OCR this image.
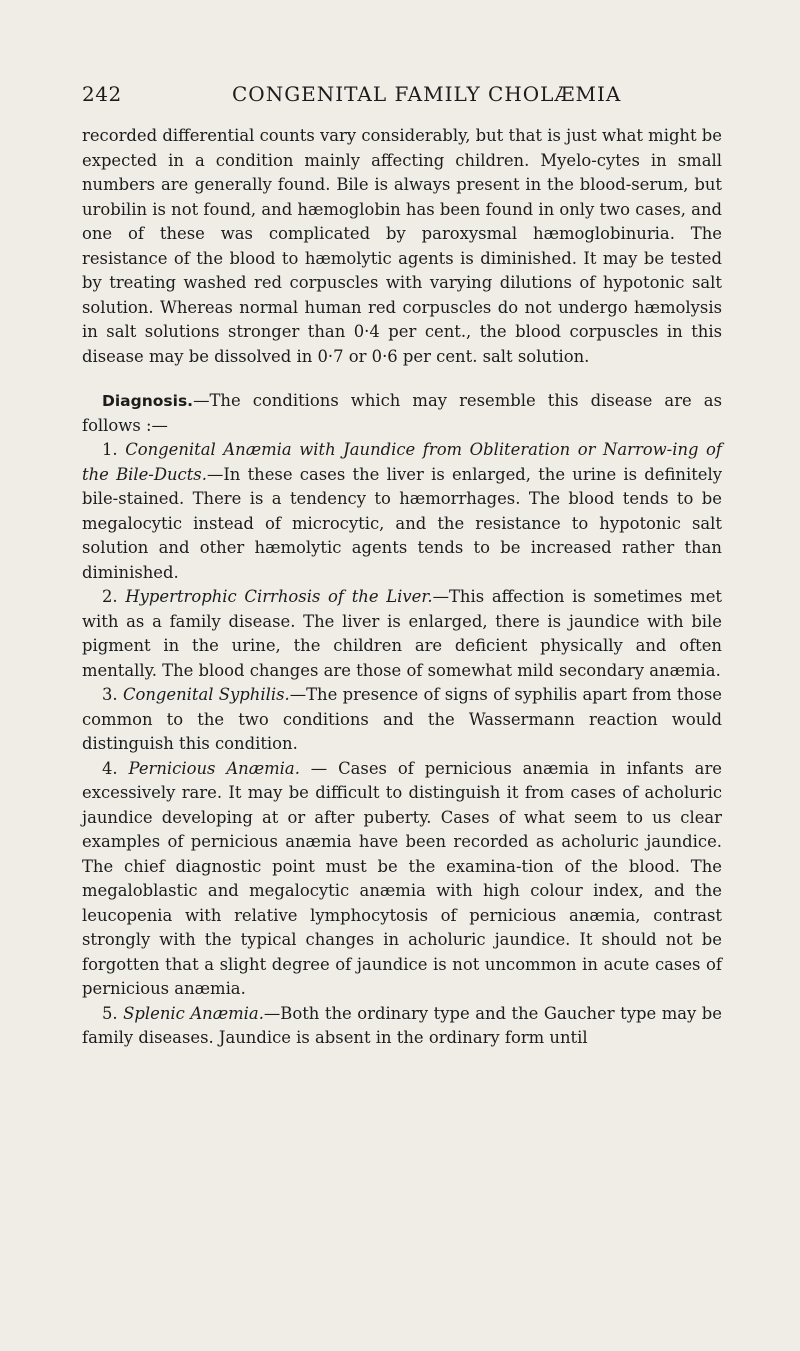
242	CONGENITAL FAMILY CHOLÆMIA

recorded differential counts vary considerably, but that is just what might be expected in a condition mainly affecting children. Myelo-cytes in small numbers are generally found. Bile is always present in the blood-serum, but urobilin is not found, and hæmoglobin has been found in only two cases, and one of these was complicated by paroxysmal hæmoglobinuria. The resistance of the blood to hæmolytic agents is diminished. It may be tested by treating washed red corpuscles with varying dilutions of hypotonic salt solution. Whereas normal human red corpuscles do not undergo hæmolysis in salt solutions stronger than 0·4 per cent., the blood corpuscles in this disease may be dissolved in 0·7 or 0·6 per cent. salt solution.

Diagnosis.—The conditions which may resemble this disease are as follows :—

1. Congenital Anæmia with Jaundice from Obliteration or Narrow-ing of the Bile-Ducts.—In these cases the liver is enlarged, the urine is definitely bile-stained. There is a tendency to hæmorrhages. The blood tends to be megalocytic instead of microcytic, and the resistance to hypotonic salt solution and other hæmolytic agents tends to be increased rather than diminished.

2. Hypertrophic Cirrhosis of the Liver.—This affection is sometimes met with as a family disease. The liver is enlarged, there is jaundice with bile pigment in the urine, the children are deficient physically and often mentally. The blood changes are those of somewhat mild secondary anæmia.

3. Congenital Syphilis.—The presence of signs of syphilis apart from those common to the two conditions and the Wassermann reaction would distinguish this condition.

4. Pernicious Anæmia. — Cases of pernicious anæmia in infants are excessively rare. It may be difficult to distinguish it from cases of acholuric jaundice developing at or after puberty. Cases of what seem to us clear examples of pernicious anæmia have been recorded as acholuric jaundice. The chief diagnostic point must be the examina-tion of the blood. The megaloblastic and megalocytic anæmia with high colour index, and the leucopenia with relative lymphocytosis of pernicious anæmia, contrast strongly with the typical changes in acholuric jaundice. It should not be forgotten that a slight degree of jaundice is not uncommon in acute cases of pernicious anæmia.

5. Splenic Anæmia.—Both the ordinary type and the Gaucher type may be family diseases. Jaundice is absent in the ordinary form until
